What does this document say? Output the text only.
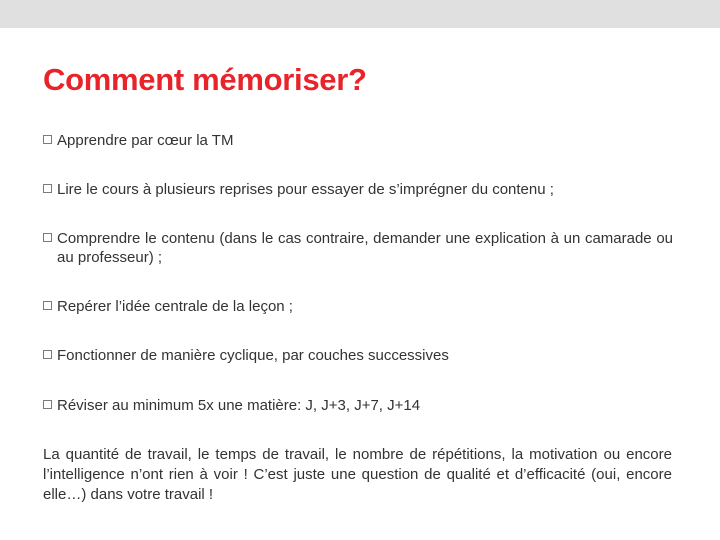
Comment mémoriser?
Apprendre par cœur la TM
Lire le cours à plusieurs reprises pour essayer de s’imprégner du contenu ;
Comprendre le contenu (dans le cas contraire, demander une explication à un camarade ou au professeur) ;
Repérer l’idée centrale de la leçon ;
Fonctionner de manière cyclique, par couches successives
Réviser au minimum 5x une matière: J, J+3, J+7, J+14

La quantité de travail, le temps de travail, le nombre de répétitions, la motivation ou encore l’intelligence n’ont rien à voir ! C’est juste une question de qualité et d’efficacité (oui, encore elle…) dans votre travail !
